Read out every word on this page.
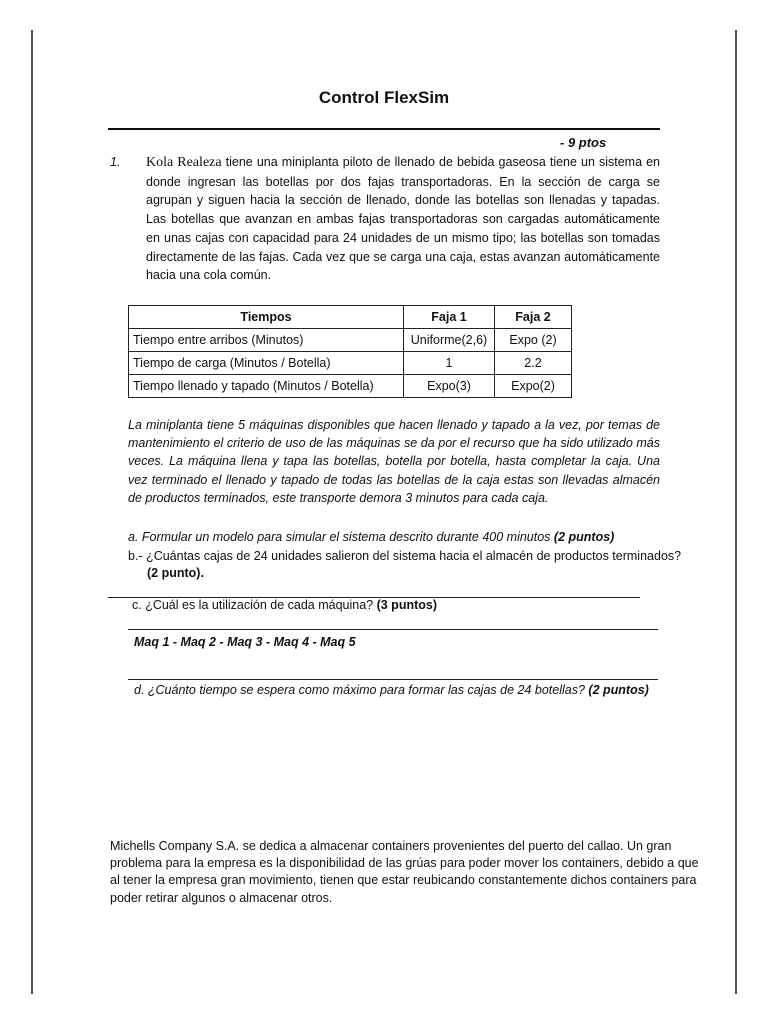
Control FlexSim
- 9 ptos
1. Kola Realeza tiene una miniplanta piloto de llenado de bebida gaseosa tiene un sistema en donde ingresan las botellas por dos fajas transportadoras. En la sección de carga se agrupan y siguen hacia la sección de llenado, donde las botellas son llenadas y tapadas. Las botellas que avanzan en ambas fajas transportadoras son cargadas automáticamente en unas cajas con capacidad para 24 unidades de un mismo tipo; las botellas son tomadas directamente de las fajas. Cada vez que se carga una caja, estas avanzan automáticamente hacia una cola común.
Tiempos	Faja 1	Faja 2
Tiempo entre arribos (Minutos)	Uniforme(2,6)	Expo (2)
Tiempo de carga (Minutos / Botella)	1	2.2
Tiempo llenado y tapado (Minutos / Botella)	Expo(3)	Expo(2)
La miniplanta tiene 5 máquinas disponibles que hacen llenado y tapado a la vez, por temas de mantenimiento el criterio de uso de las máquinas se da por el recurso que ha sido utilizado más veces. La máquina llena y tapa las botellas, botella por botella, hasta completar la caja. Una vez terminado el llenado y tapado de todas las botellas de la caja estas son llevadas almacén de productos terminados, este transporte demora 3 minutos para cada caja.
a. Formular un modelo para simular el sistema descrito durante 400 minutos (2 puntos)
b.- ¿Cuántas cajas de 24 unidades salieron del sistema hacia el almacén de productos terminados?
(2 punto).
c. ¿Cuál es la utilización de cada máquina? (3 puntos)
Maq 1 - Maq 2 - Maq 3 - Maq 4 - Maq 5
d. ¿Cuánto tiempo se espera como máximo para formar las cajas de 24 botellas? (2 puntos)
Michells Company S.A. se dedica a almacenar containers provenientes del puerto del callao. Un gran problema para la empresa es la disponibilidad de las grúas para poder mover los containers, debido a que al tener la empresa gran movimiento, tienen que estar reubicando constantemente dichos containers para poder retirar algunos o almacenar otros.
